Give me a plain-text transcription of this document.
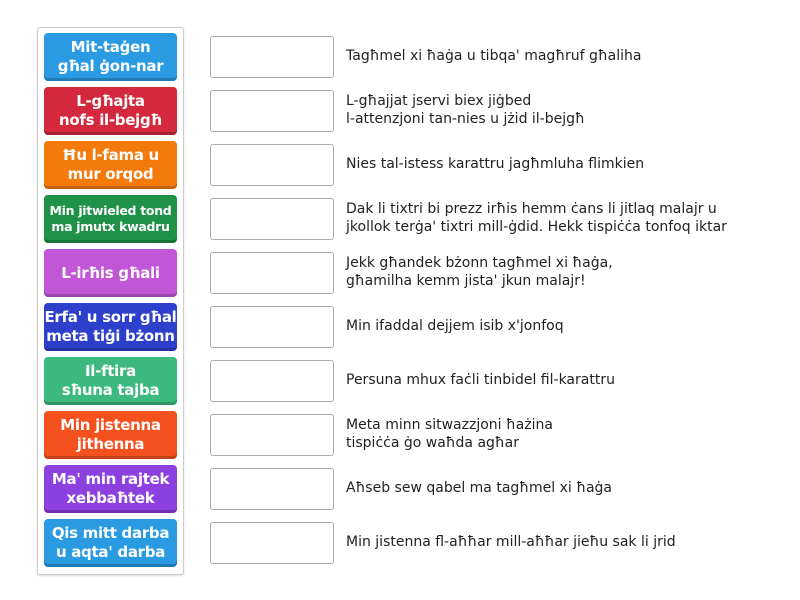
Mit-taġen
għal ġon-nar
L-għajta
nofs il-bejgħ
Ħu l-fama u
mur orqod
Min jitwieled tond
ma jmutx kwadru
L-irħis għali
Erfa' u sorr għal
meta tiġi bżonn
Il-ftira
sħuna tajba
Min jistenna
jithenna
Ma' min rajtek
xebbaħtek
Qis mitt darba
u aqta' darba
Tagħmel xi ħaġa u tibqa' magħruf għaliha
L-għajjat jservi biex jiġbed
l-attenzjoni tan-nies u jżid il-bejgħ
Nies tal-istess karattru jagħmluha flimkien
Dak li tixtri bi prezz irħis hemm ċans li jitlaq malajr u
jkollok terġa' tixtri mill-ġdid. Hekk tispiċċa tonfoq iktar
Jekk għandek bżonn tagħmel xi ħaġa,
għamilha kemm jista' jkun malajr!
Min ifaddal dejjem isib x'jonfoq
Persuna mhux faċli tinbidel fil-karattru
Meta minn sitwazzjoni ħażina
tispiċċa ġo waħda agħar
Aħseb sew qabel ma tagħmel xi ħaġa
Min jistenna fl-aħħar mill-aħħar jieħu sak li jrid
